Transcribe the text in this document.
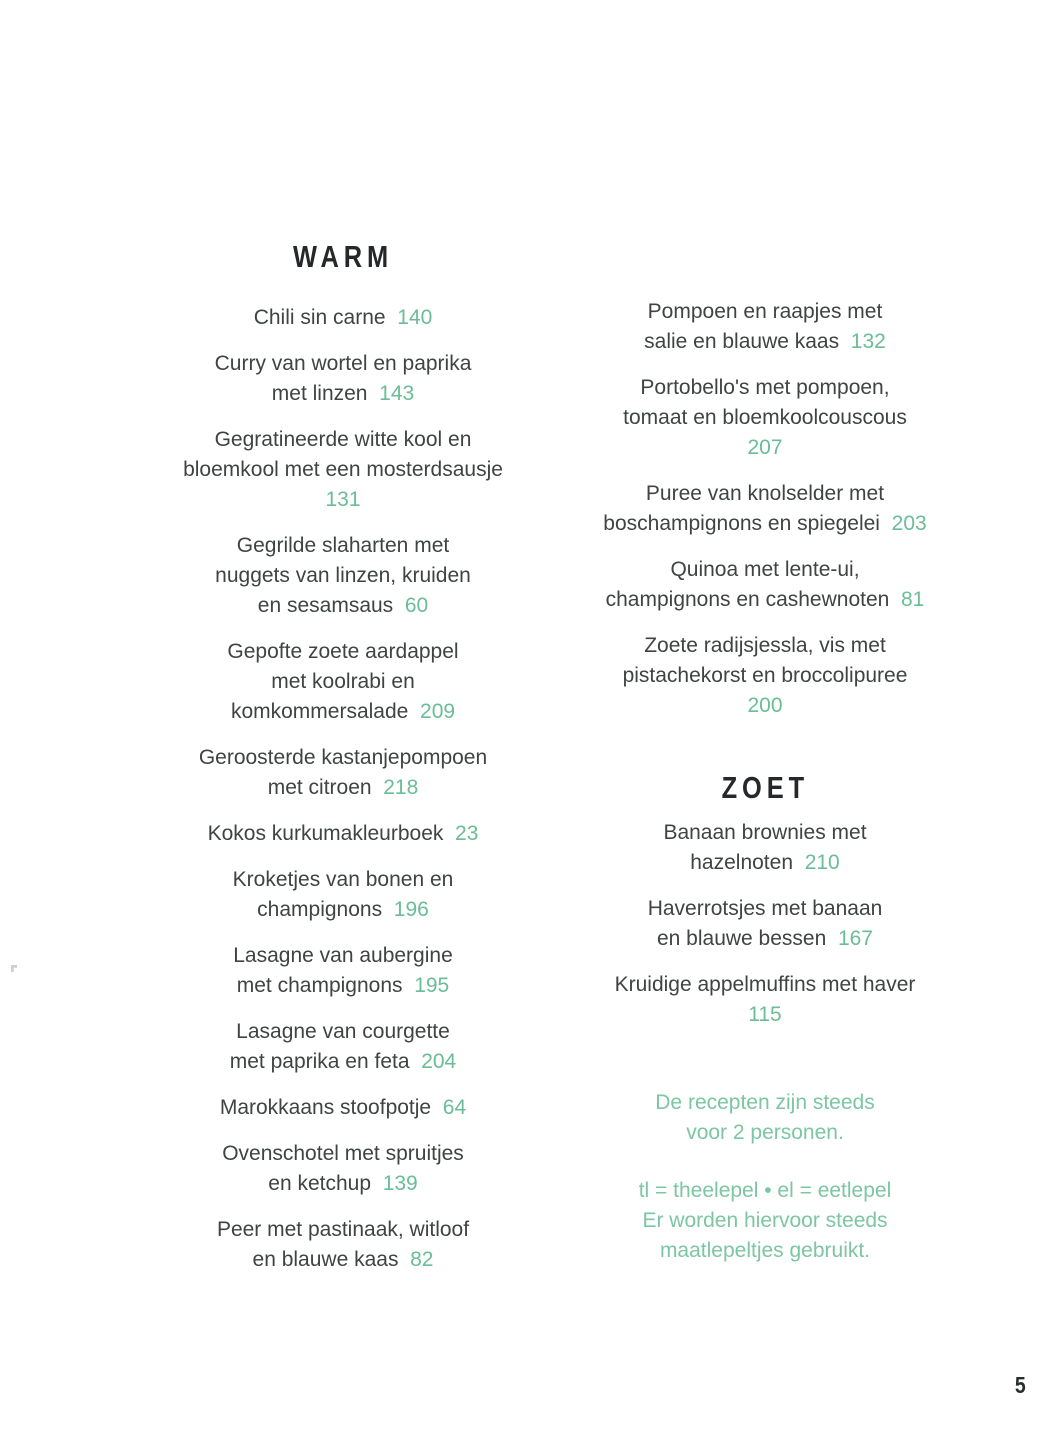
WARM

Chili sin carne 140

Curry van wortel en paprika
met linzen 143

Gegratineerde witte kool en
bloemkool met een mosterdsausje
131

Gegrilde slaharten met
nuggets van linzen, kruiden
en sesamsaus 60

Gepofte zoete aardappel
met koolrabi en
komkommersalade 209

Geroosterde kastanjepompoen
met citroen 218

Kokos kurkumakleurboek 23

Kroketjes van bonen en
champignons 196

Lasagne van aubergine
met champignons 195

Lasagne van courgette
met paprika en feta 204

Marokkaans stoofpotje 64

Ovenschotel met spruitjes
en ketchup 139

Peer met pastinaak, witloof
en blauwe kaas 82

Pompoen en raapjes met
salie en blauwe kaas 132

Portobello's met pompoen,
tomaat en bloemkoolcouscous
207

Puree van knolselder met
boschampignons en spiegelei 203

Quinoa met lente-ui,
champignons en cashewnoten 81

Zoete radijsjessla, vis met
pistachekorst en broccolipuree
200

ZOET

Banaan brownies met
hazelnoten 210

Haverrotsjes met banaan
en blauwe bessen 167

Kruidige appelmuffins met haver
115

De recepten zijn steeds
voor 2 personen.

tl = theelepel • el = eetlepel
Er worden hiervoor steeds
maatlepeltjes gebruikt.

5
